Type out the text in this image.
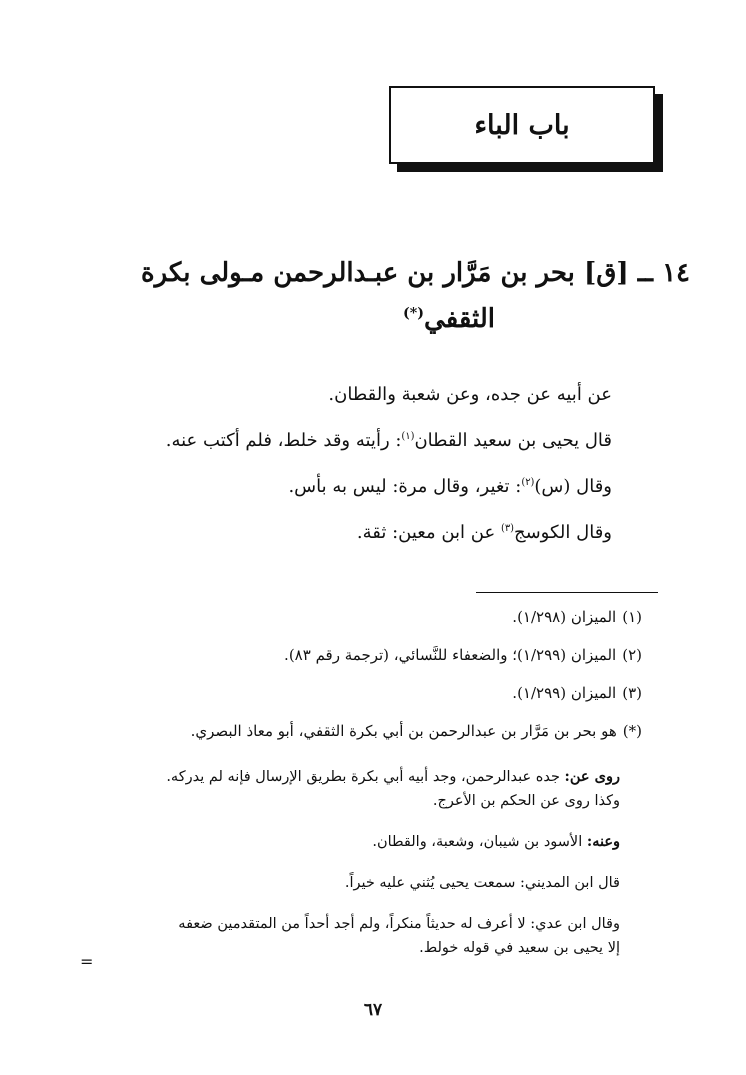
باب الباء
١٤ ــ [ق] بحر بن مَرَّار بن عبـدالرحمن مـولى بكرة
الثقفي(*)
عن أبيه عن جده، وعن شعبة والقطان.
قال يحيى بن سعيد القطان$^{(١)}$: رأيته وقد خلط، فلم أكتب عنه.
وقال (س)$^{(٢)}$: تغير، وقال مرة: ليس به بأس.
وقال الكوسج$^{(٣)}$ عن ابن معين: ثقة.
(١)الميزان (١/٢٩٨).
(٢)الميزان (١/٢٩٩)؛ والضعفاء للنَّسائي، (ترجمة رقم ٨٣).
(٣)الميزان (١/٢٩٩).
(*)هو بحر بن مَرَّار بن عبدالرحمن بن أبي بكرة الثقفي، أبو معاذ البصري.
روى عن: جده عبدالرحمن، وجد أبيه أبي بكرة بطريق الإرسال فإنه لم يدركه.
وكذا روى عن الحكم بن الأعرج.
وعنه: الأسود بن شيبان، وشعبة، والقطان.
قال ابن المديني: سمعت يحيى يُثني عليه خيراً.
وقال ابن عدي: لا أعرف له حديثاً منكراً، ولم أجد أحداً من المتقدمين ضعفه
إلا يحيى بن سعيد في قوله خولط.
=
٦٧
